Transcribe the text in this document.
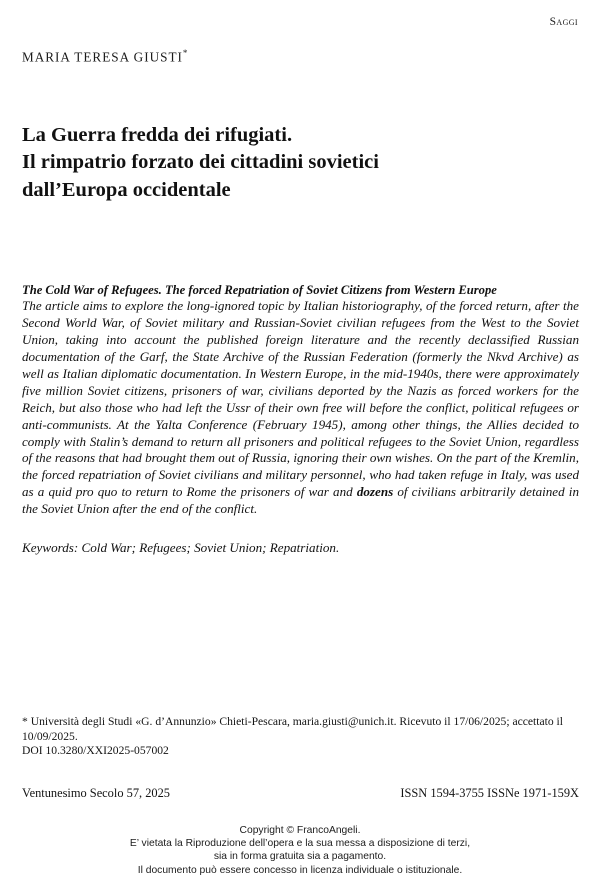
Saggi
MARIA TERESA GIUSTI*
La Guerra fredda dei rifugiati.
Il rimpatrio forzato dei cittadini sovietici
dall’Europa occidentale

The Cold War of Refugees. The forced Repatriation of Soviet Citizens from Western Europe

The article aims to explore the long-ignored topic by Italian historiography, of the forced return, after the Second World War, of Soviet military and Russian-Soviet civilian refugees from the West to the Soviet Union, taking into account the published foreign literature and the recently declassified Russian documentation of the Garf, the State Archive of the Russian Federation (formerly the Nkvd Archive) as well as Italian diplomatic documentation. In Western Europe, in the mid-1940s, there were approximately five million Soviet citizens, prisoners of war, civilians deported by the Nazis as forced workers for the Reich, but also those who had left the Ussr of their own free will before the conflict, political refugees or anti-communists. At the Yalta Conference (February 1945), among other things, the Allies decided to comply with Stalin’s demand to return all prisoners and political refugees to the Soviet Union, regardless of the reasons that had brought them out of Russia, ignoring their own wishes. On the part of the Kremlin, the forced repatriation of Soviet civilians and military personnel, who had taken refuge in Italy, was used as a quid pro quo to return to Rome the prisoners of war and dozens of civilians arbitrarily detained in the Soviet Union after the end of the conflict.

Keywords: Cold War; Refugees; Soviet Union; Repatriation.

* Università degli Studi «G. d’Annunzio» Chieti-Pescara, maria.giusti@unich.it. Ricevuto il 17/06/2025; accettato il 10/09/2025.
DOI 10.3280/XXI2025-057002
Ventunesimo Secolo 57, 2025	ISSN 1594-3755 ISSNe 1971-159X
Copyright © FrancoAngeli.
E’ vietata la Riproduzione dell’opera e la sua messa a disposizione di terzi,
sia in forma gratuita sia a pagamento.
Il documento può essere concesso in licenza individuale o istituzionale.
